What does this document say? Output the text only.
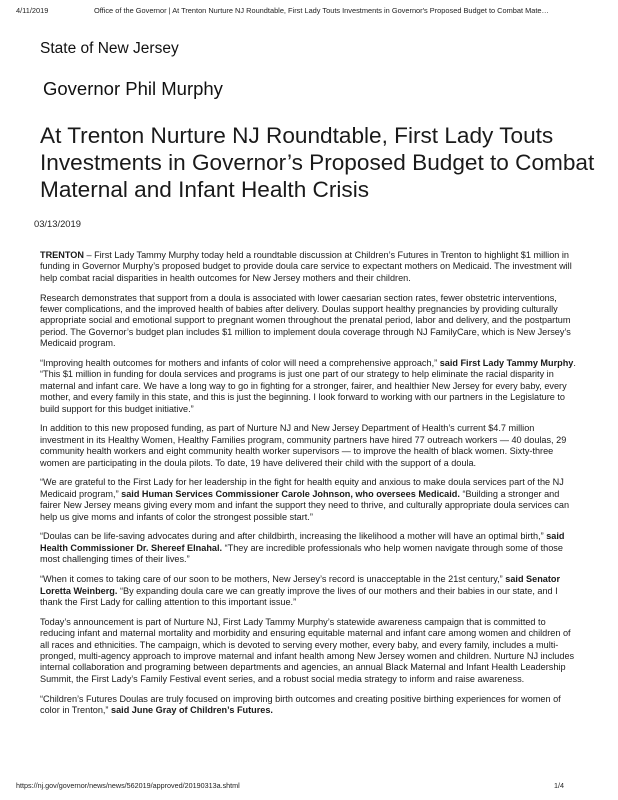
4/11/2019	Office of the Governor | At Trenton Nurture NJ Roundtable, First Lady Touts Investments in Governor's Proposed Budget to Combat Mate…
State of New Jersey
Governor Phil Murphy
At Trenton Nurture NJ Roundtable, First Lady Touts Investments in Governor’s Proposed Budget to Combat Maternal and Infant Health Crisis
03/13/2019

TRENTON – First Lady Tammy Murphy today held a roundtable discussion at Children’s Futures in Trenton to highlight $1 million in funding in Governor Murphy’s proposed budget to provide doula care service to expectant mothers on Medicaid. The investment will help combat racial disparities in health outcomes for New Jersey mothers and their children.

Research demonstrates that support from a doula is associated with lower caesarian section rates, fewer obstetric interventions, fewer complications, and the improved health of babies after delivery. Doulas support healthy pregnancies by providing culturally appropriate social and emotional support to pregnant women throughout the prenatal period, labor and delivery, and the postpartum period. The Governor’s budget plan includes $1 million to implement doula coverage through NJ FamilyCare, which is New Jersey’s Medicaid program.

“Improving health outcomes for mothers and infants of color will need a comprehensive approach,” said First Lady Tammy Murphy. “This $1 million in funding for doula services and programs is just one part of our strategy to help eliminate the racial disparity in maternal and infant care. We have a long way to go in fighting for a stronger, fairer, and healthier New Jersey for every baby, every mother, and every family in this state, and this is just the beginning. I look forward to working with our partners in the Legislature to build support for this budget initiative.”

In addition to this new proposed funding, as part of Nurture NJ and New Jersey Department of Health’s current $4.7 million investment in its Healthy Women, Healthy Families program, community partners have hired 77 outreach workers — 40 doulas, 29 community health workers and eight community health worker supervisors — to improve the health of black women. Sixty-three women are participating in the doula pilots. To date, 19 have delivered their child with the support of a doula.

“We are grateful to the First Lady for her leadership in the fight for health equity and anxious to make doula services part of the NJ Medicaid program,” said Human Services Commissioner Carole Johnson, who oversees Medicaid. “Building a stronger and fairer New Jersey means giving every mom and infant the support they need to thrive, and culturally appropriate doula services can help us give moms and infants of color the strongest possible start.”

“Doulas can be life-saving advocates during and after childbirth, increasing the likelihood a mother will have an optimal birth,” said Health Commissioner Dr. Shereef Elnahal. “They are incredible professionals who help women navigate through some of those most challenging times of their lives.”

“When it comes to taking care of our soon to be mothers, New Jersey’s record is unacceptable in the 21st century,” said Senator Loretta Weinberg. “By expanding doula care we can greatly improve the lives of our mothers and their babies in our state, and I thank the First Lady for calling attention to this important issue.”

Today’s announcement is part of Nurture NJ, First Lady Tammy Murphy’s statewide awareness campaign that is committed to reducing infant and maternal mortality and morbidity and ensuring equitable maternal and infant care among women and children of all races and ethnicities. The campaign, which is devoted to serving every mother, every baby, and every family, includes a multi-pronged, multi-agency approach to improve maternal and infant health among New Jersey women and children. Nurture NJ includes internal collaboration and programing between departments and agencies, an annual Black Maternal and Infant Health Leadership Summit, the First Lady’s Family Festival event series, and a robust social media strategy to inform and raise awareness.

“Children’s Futures Doulas are truly focused on improving birth outcomes and creating positive birthing experiences for women of color in Trenton,” said June Gray of Children’s Futures.

https://nj.gov/governor/news/news/562019/approved/20190313a.shtml	1/4
